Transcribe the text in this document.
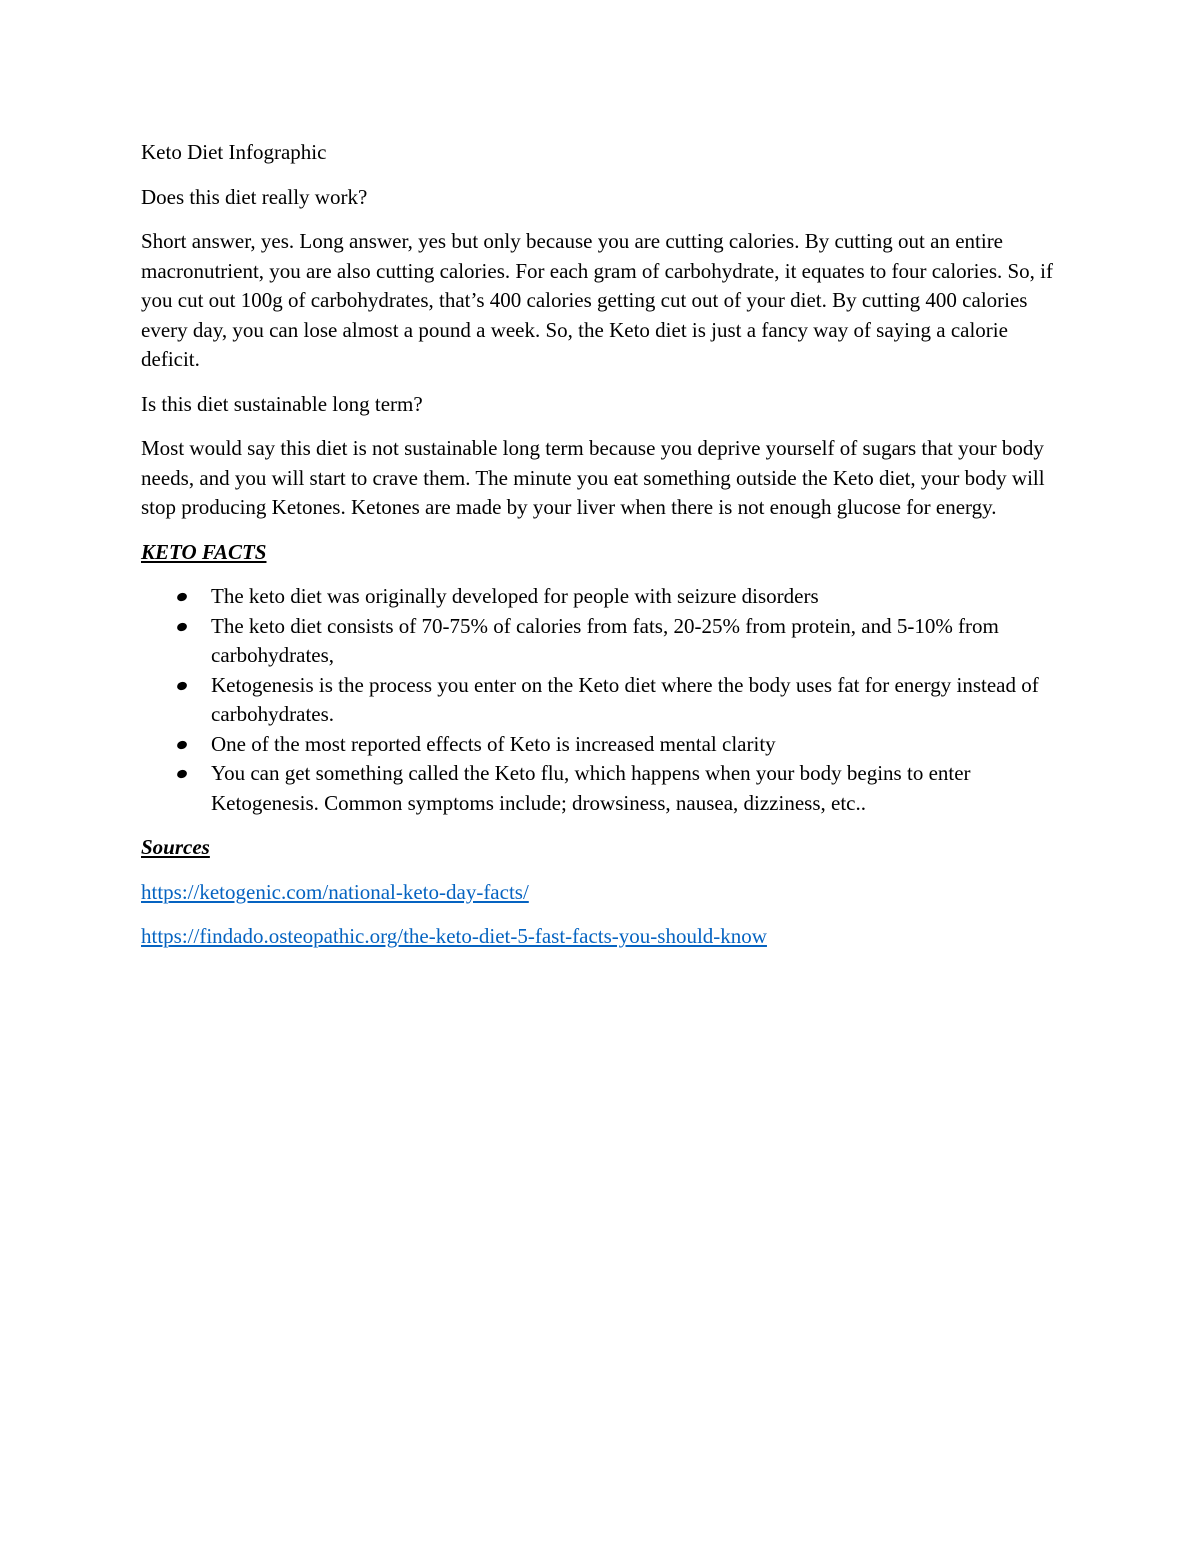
Keto Diet Infographic

Does this diet really work?

Short answer, yes. Long answer, yes but only because you are cutting calories. By cutting out an entire macronutrient, you are also cutting calories. For each gram of carbohydrate, it equates to four calories. So, if you cut out 100g of carbohydrates, that’s 400 calories getting cut out of your diet. By cutting 400 calories every day, you can lose almost a pound a week. So, the Keto diet is just a fancy way of saying a calorie deficit.

Is this diet sustainable long term?

Most would say this diet is not sustainable long term because you deprive yourself of sugars that your body needs, and you will start to crave them. The minute you eat something outside the Keto diet, your body will stop producing Ketones. Ketones are made by your liver when there is not enough glucose for energy.

KETO FACTS

The keto diet was originally developed for people with seizure disorders
The keto diet consists of 70-75% of calories from fats, 20-25% from protein, and 5-10% from carbohydrates,
Ketogenesis is the process you enter on the Keto diet where the body uses fat for energy instead of carbohydrates.
One of the most reported effects of Keto is increased mental clarity
You can get something called the Keto flu, which happens when your body begins to enter Ketogenesis. Common symptoms include; drowsiness, nausea, dizziness, etc..

Sources

https://ketogenic.com/national-keto-day-facts/

https://findado.osteopathic.org/the-keto-diet-5-fast-facts-you-should-know
